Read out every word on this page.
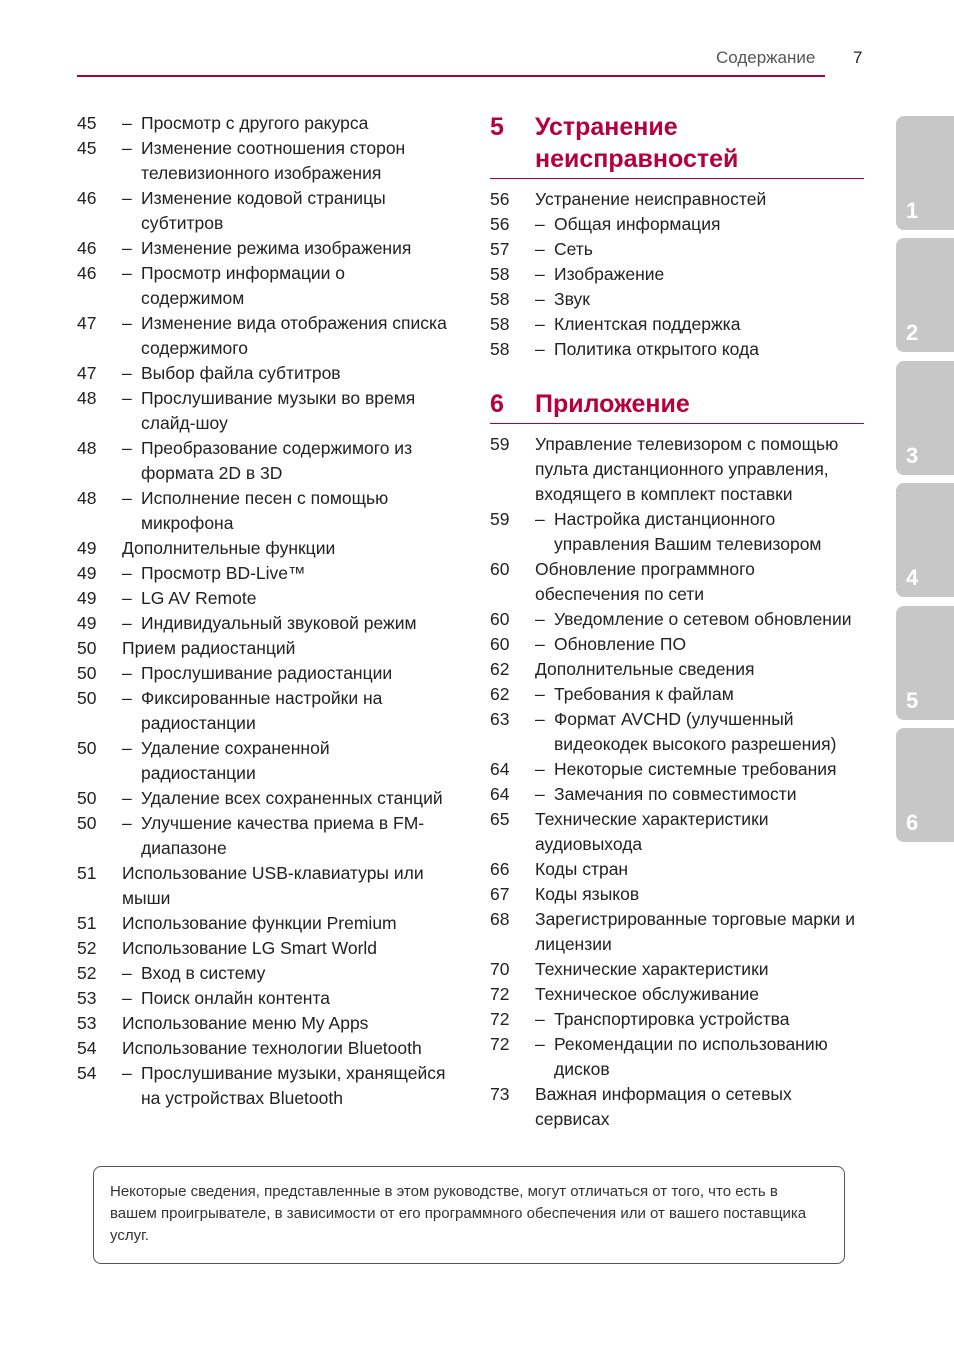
Содержание 7
45	– Просмотр с другого ракурса
45	– Изменение соотношения сторон телевизионного изображения
46	– Изменение кодовой страницы субтитров
46	– Изменение режима изображения
46	– Просмотр информации о содержимом
47	– Изменение вида отображения списка содержимого
47	– Выбор файла субтитров
48	– Прослушивание музыки во время слайд-шоу
48	– Преобразование содержимого из формата 2D в 3D
48	– Исполнение песен с помощью микрофона
49	Дополнительные функции
49	– Просмотр BD-Live™
49	– LG AV Remote
49	– Индивидуальный звуковой режим
50	Прием радиостанций
50	– Прослушивание радиостанции
50	– Фиксированные настройки на радиостанции
50	– Удаление сохраненной радиостанции
50	– Удаление всех сохраненных станций
50	– Улучшение качества приема в FM-диапазоне
51	Использование USB-клавиатуры или мыши
51	Использование функции Premium
52	Использование LG Smart World
52	– Вход в систему
53	– Поиск онлайн контента
53	Использование меню My Apps
54	Использование технологии Bluetooth
54	– Прослушивание музыки, хранящейся на устройствах Bluetooth
5	Устранение неисправностей
56	Устранение неисправностей
56	– Общая информация
57	– Сеть
58	– Изображение
58	– Звук
58	– Клиентская поддержка
58	– Политика открытого кода
6	Приложение
59	Управление телевизором с помощью пульта дистанционного управления, входящего в комплект поставки
59	– Настройка дистанционного управления Вашим телевизором
60	Обновление программного обеспечения по сети
60	– Уведомление о сетевом обновлении
60	– Обновление ПО
62	Дополнительные сведения
62	– Требования к файлам
63	– Формат AVCHD (улучшенный видеокодек высокого разрешения)
64	– Некоторые системные требования
64	– Замечания по совместимости
65	Технические характеристики аудиовыхода
66	Коды стран
67	Коды языков
68	Зарегистрированные торговые марки и лицензии
70	Технические характеристики
72	Техническое обслуживание
72	– Транспортировка устройства
72	– Рекомендации по использованию дисков
73	Важная информация о сетевых сервисах
1
2
3
4
5
6
Некоторые сведения, представленные в этом руководстве, могут отличаться от того, что есть в вашем проигрывателе, в зависимости от его программного обеспечения или от вашего поставщика услуг.
